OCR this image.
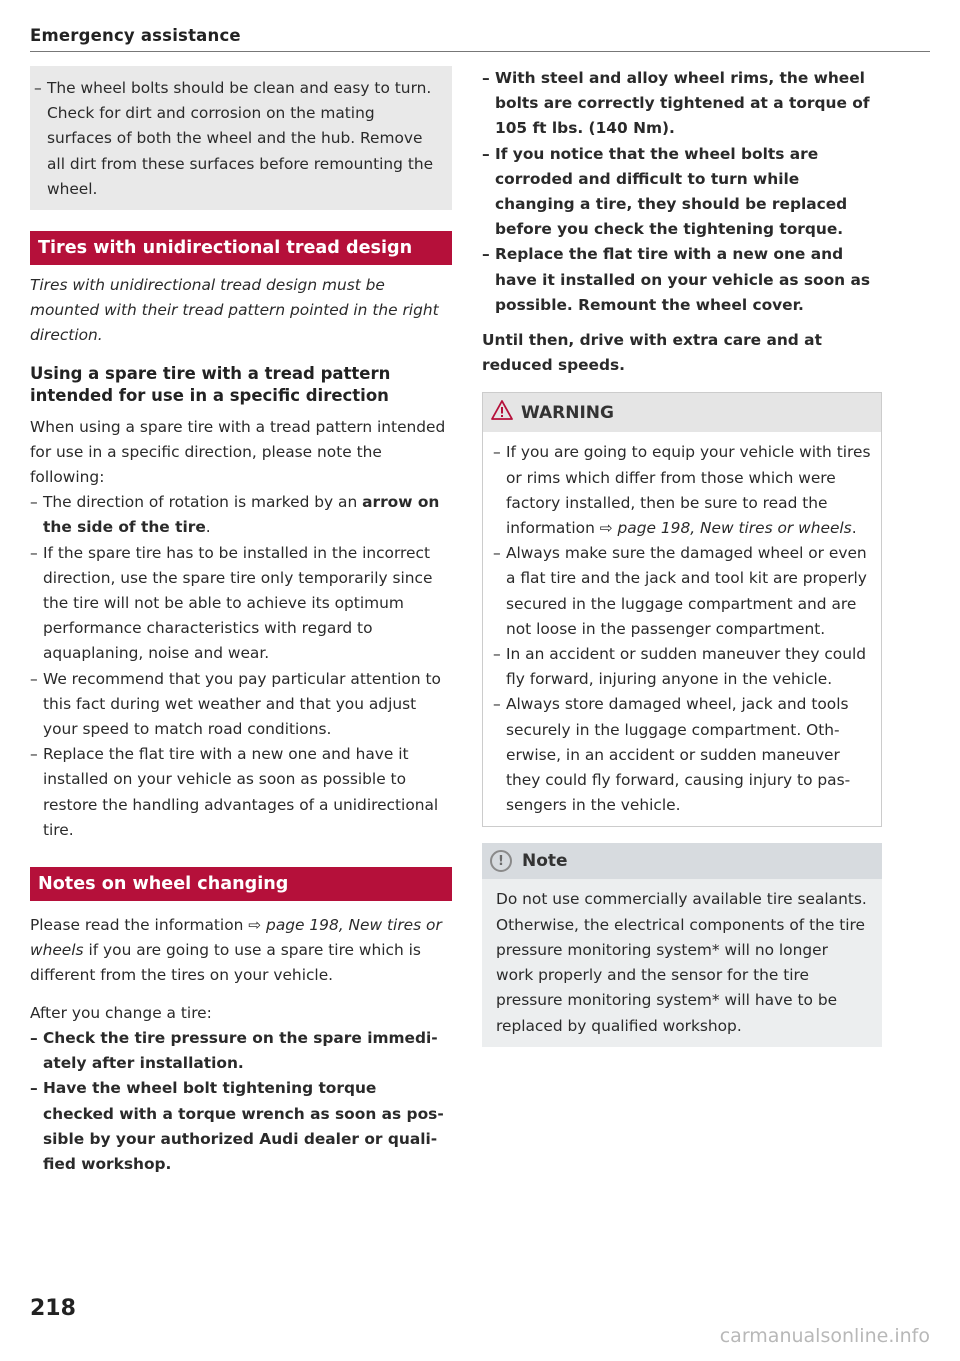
Emergency assistance
– The wheel bolts should be clean and easy to turn. Check for dirt and corrosion on the mating surfaces of both the wheel and the hub. Remove all dirt from these surfaces before remounting the wheel.
Tires with unidirectional tread design

Tires with unidirectional tread design must be mounted with their tread pattern pointed in the right direction.

Using a spare tire with a tread pattern intended for use in a specific direction

When using a spare tire with a tread pattern intended for use in a specific direction, please note the following:

– The direction of rotation is marked by an arrow on the side of the tire.
– If the spare tire has to be installed in the incorrect direction, use the spare tire only temporarily since the tire will not be able to achieve its optimum performance characteristics with regard to aquaplaning, noise and wear.
– We recommend that you pay particular attention to this fact during wet weather and that you adjust your speed to match road conditions.
– Replace the flat tire with a new one and have it installed on your vehicle as soon as possible to restore the handling advantages of a unidirectional tire.
Notes on wheel changing

Please read the information ⇨ page 198, New tires or wheels if you are going to use a spare tire which is different from the tires on your vehicle.

After you change a tire:

– Check the tire pressure on the spare immediately after installation.
– Have the wheel bolt tightening torque checked with a torque wrench as soon as possible by your authorized Audi dealer or qualified workshop.
– With steel and alloy wheel rims, the wheel bolts are correctly tightened at a torque of 105 ft lbs. (140 Nm).
– If you notice that the wheel bolts are corroded and difficult to turn while changing a tire, they should be replaced before you check the tightening torque.
– Replace the flat tire with a new one and have it installed on your vehicle as soon as possible. Remount the wheel cover.

Until then, drive with extra care and at reduced speeds.

WARNING
– If you are going to equip your vehicle with tires or rims which differ from those which were factory installed, then be sure to read the information ⇨ page 198, New tires or wheels.
– Always make sure the damaged wheel or even a flat tire and the jack and tool kit are properly secured in the luggage compartment and are not loose in the passenger compartment.
– In an accident or sudden maneuver they could fly forward, injuring anyone in the vehicle.
– Always store damaged wheel, jack and tools securely in the luggage compartment. Otherwise, in an accident or sudden maneuver they could fly forward, causing injury to passengers in the vehicle.
!	Note

Do not use commercially available tire sealants. Otherwise, the electrical components of the tire pressure monitoring system* will no longer work properly and the sensor for the tire pressure monitoring system* will have to be replaced by qualified workshop.

218
carmanualsonline.info
